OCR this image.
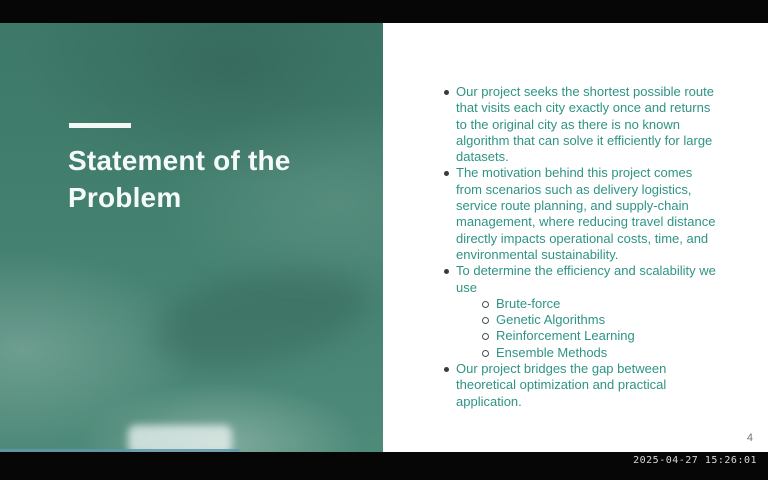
Statement of the Problem
Our project seeks the shortest possible route that visits each city exactly once and returns to the original city as there is no known algorithm that can solve it efficiently for large datasets.
The motivation behind this project comes from scenarios such as delivery logistics, service route planning, and supply-chain management, where reducing travel distance directly impacts operational costs, time, and environmental sustainability.
To determine the efficiency and scalability we use
Brute-force
Genetic Algorithms
Reinforcement Learning
Ensemble Methods
Our project bridges the gap between theoretical optimization and practical application.
4
2025-04-27 15:26:01
